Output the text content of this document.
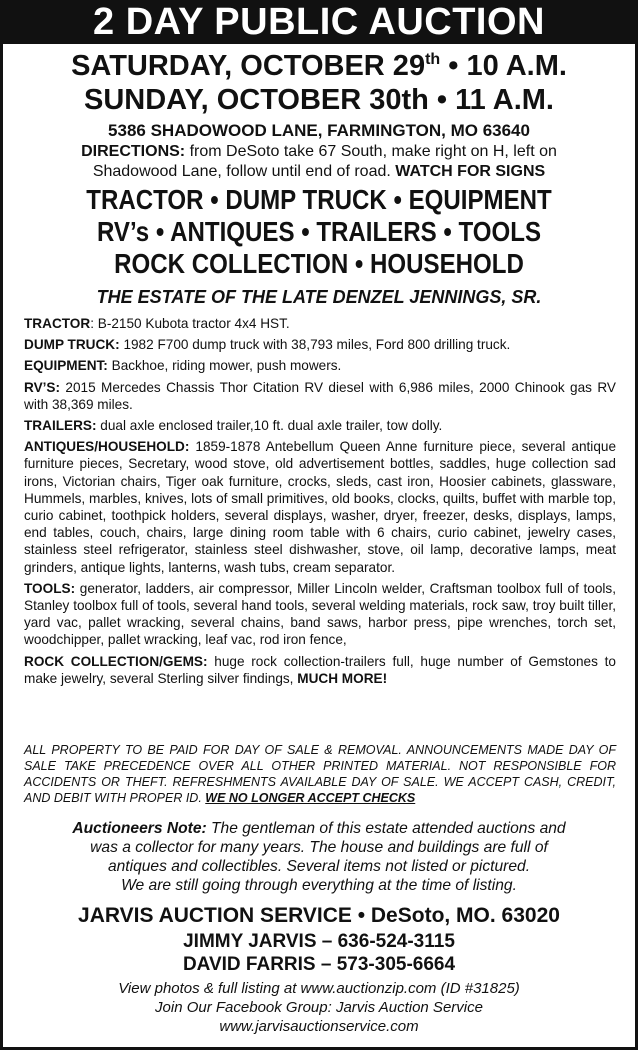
2 DAY PUBLIC AUCTION
SATURDAY, OCTOBER 29th • 10 A.M.
SUNDAY, OCTOBER 30th • 11 A.M.
5386 SHADOWOOD LANE, FARMINGTON, MO 63640
DIRECTIONS: from DeSoto take 67 South, make right on H, left on
Shadowood Lane, follow until end of road. WATCH FOR SIGNS
TRACTOR • DUMP TRUCK • EQUIPMENT
RV’s • ANTIQUES • TRAILERS • TOOLS
ROCK COLLECTION • HOUSEHOLD
THE ESTATE OF THE LATE DENZEL JENNINGS, SR.

TRACTOR: B-2150 Kubota tractor 4x4 HST.

DUMP TRUCK: 1982 F700 dump truck with 38,793 miles, Ford 800 drilling truck.

EQUIPMENT: Backhoe, riding mower, push mowers.

RV’S: 2015 Mercedes Chassis Thor Citation RV diesel with 6,986 miles, 2000 Chinook gas RV with 38,369 miles.

TRAILERS: dual axle enclosed trailer,10 ft. dual axle trailer, tow dolly.

ANTIQUES/HOUSEHOLD: 1859-1878 Antebellum Queen Anne furniture piece, several antique furniture pieces, Secretary, wood stove, old advertisement bottles, saddles, huge collection sad irons, Victorian chairs, Tiger oak furniture, crocks, sleds, cast iron, Hoosier cabinets, glassware, Hummels, marbles, knives, lots of small primitives, old books, clocks, quilts, buffet with marble top, curio cabinet, toothpick holders, several displays, washer, dryer, freezer, desks, displays, lamps, end tables, couch, chairs, large dining room table with 6 chairs, curio cabinet, jewelry cases, stainless steel refrigerator, stainless steel dishwasher, stove, oil lamp, decorative lamps, meat grinders, antique lights, lanterns, wash tubs, cream separator.

TOOLS: generator, ladders, air compressor, Miller Lincoln welder, Craftsman toolbox full of tools, Stanley toolbox full of tools, several hand tools, several welding materials, rock saw, troy built tiller, yard vac, pallet wracking, several chains, band saws, harbor press, pipe wrenches, torch set, woodchipper, pallet wracking, leaf vac, rod iron fence,

ROCK COLLECTION/GEMS: huge rock collection-trailers full, huge number of Gemstones to make jewelry, several Sterling silver findings, MUCH MORE!

ALL PROPERTY TO BE PAID FOR DAY OF SALE & REMOVAL. ANNOUNCEMENTS MADE DAY OF SALE TAKE PRECEDENCE OVER ALL OTHER PRINTED MATERIAL. NOT RESPONSIBLE FOR ACCIDENTS OR THEFT. REFRESHMENTS AVAILABLE DAY OF SALE. WE ACCEPT CASH, CREDIT, AND DEBIT WITH PROPER ID. WE NO LONGER ACCEPT CHECKS
Auctioneers Note: The gentleman of this estate attended auctions and
was a collector for many years. The house and buildings are full of
antiques and collectibles. Several items not listed or pictured.
We are still going through everything at the time of listing.
JARVIS AUCTION SERVICE • DeSoto, MO. 63020
JIMMY JARVIS – 636-524-3115
DAVID FARRIS – 573-305-6664
View photos & full listing at www.auctionzip.com (ID #31825)
Join Our Facebook Group: Jarvis Auction Service
www.jarvisauctionservice.com
